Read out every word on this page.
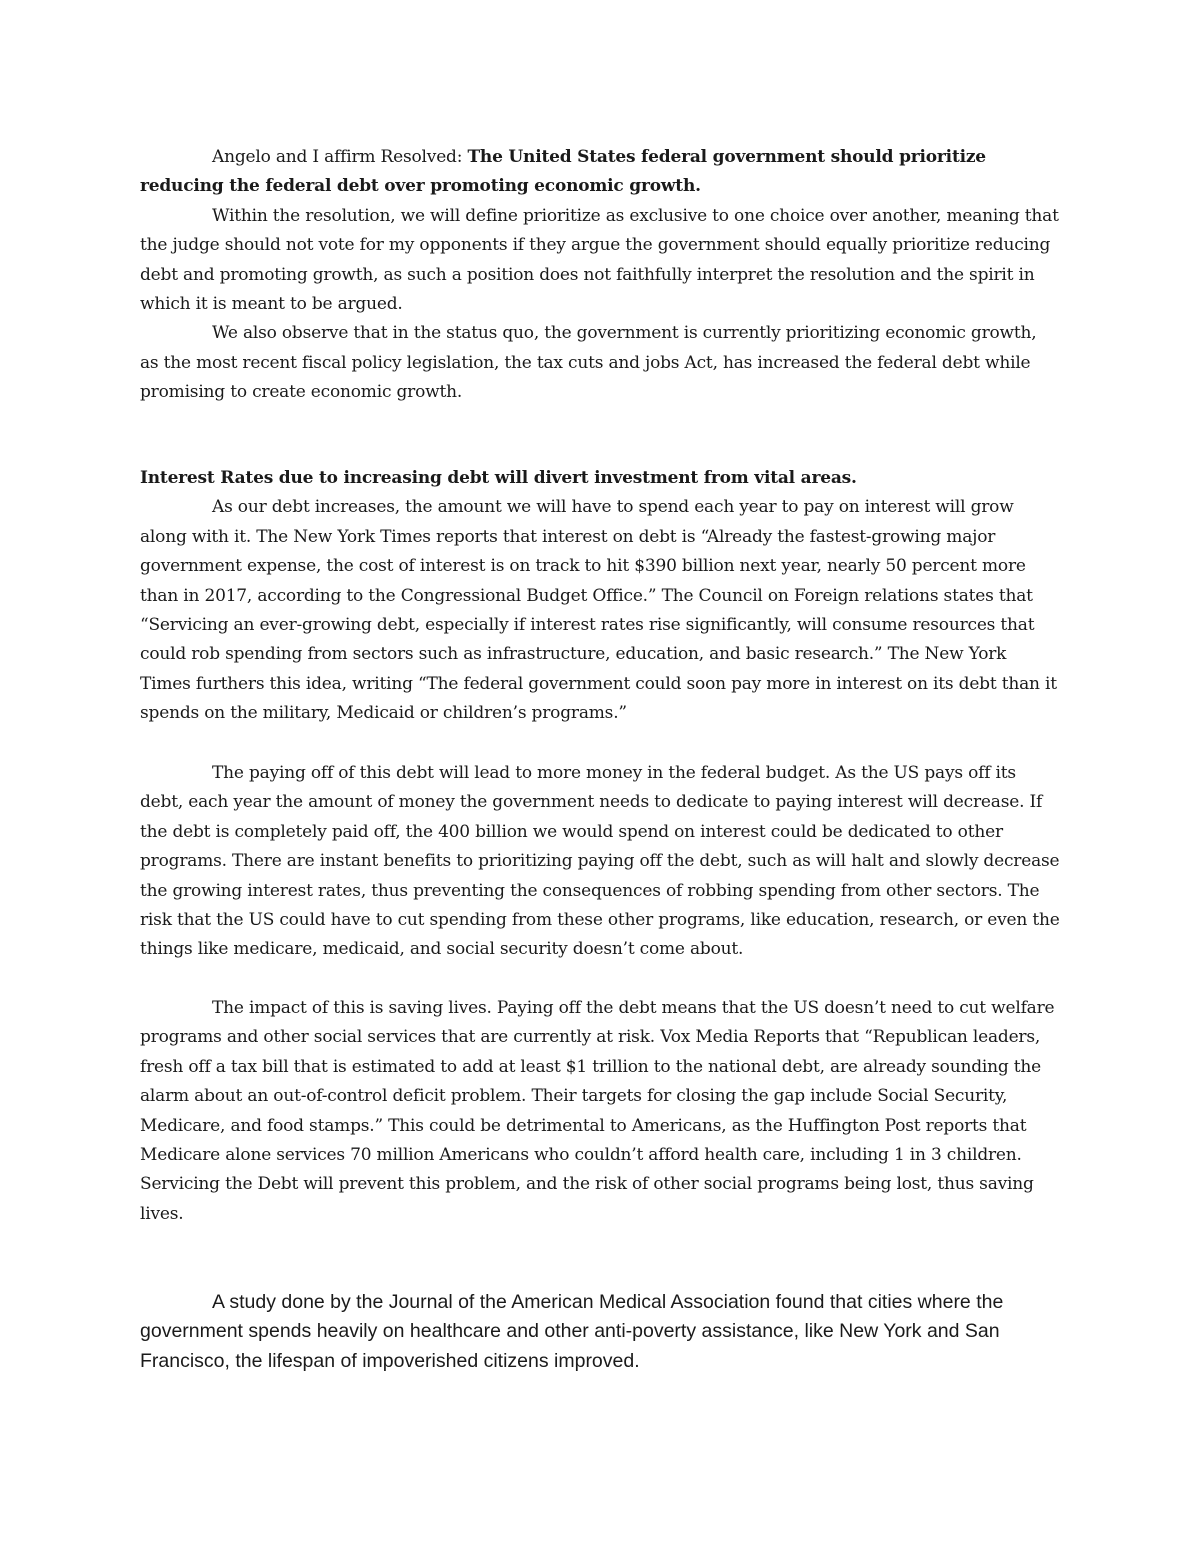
Angelo and I affirm Resolved: The United States federal government should prioritize reducing the federal debt over promoting economic growth.

Within the resolution, we will define prioritize as exclusive to one choice over another, meaning that the judge should not vote for my opponents if they argue the government should equally prioritize reducing debt and promoting growth, as such a position does not faithfully interpret the resolution and the spirit in which it is meant to be argued.

We also observe that in the status quo, the government is currently prioritizing economic growth, as the most recent fiscal policy legislation, the tax cuts and jobs Act, has increased the federal debt while promising to create economic growth.

Interest Rates due to increasing debt will divert investment from vital areas.

As our debt increases, the amount we will have to spend each year to pay on interest will grow along with it. The New York Times reports that interest on debt is “Already the fastest-growing major government expense, the cost of interest is on track to hit $390 billion next year, nearly 50 percent more than in 2017, according to the Congressional Budget Office.” The Council on Foreign relations states that “Servicing an ever-growing debt, especially if interest rates rise significantly, will consume resources that could rob spending from sectors such as infrastructure, education, and basic research.” The New York Times furthers this idea, writing “The federal government could soon pay more in interest on its debt than it spends on the military, Medicaid or children’s programs.”

The paying off of this debt will lead to more money in the federal budget. As the US pays off its debt, each year the amount of money the government needs to dedicate to paying interest will decrease. If the debt is completely paid off, the 400 billion we would spend on interest could be dedicated to other programs. There are instant benefits to prioritizing paying off the debt, such as will halt and slowly decrease the growing interest rates, thus preventing the consequences of robbing spending from other sectors. The risk that the US could have to cut spending from these other programs, like education, research, or even the things like medicare, medicaid, and social security doesn’t come about.

The impact of this is saving lives. Paying off the debt means that the US doesn’t need to cut welfare programs and other social services that are currently at risk. Vox Media Reports that “Republican leaders, fresh off a tax bill that is estimated to add at least $1 trillion to the national debt, are already sounding the alarm about an out-of-control deficit problem. Their targets for closing the gap include Social Security, Medicare, and food stamps.” This could be detrimental to Americans, as the Huffington Post reports that Medicare alone services 70 million Americans who couldn’t afford health care, including 1 in 3 children. Servicing the Debt will prevent this problem, and the risk of other social programs being lost, thus saving lives.

A study done by the Journal of the American Medical Association found that cities where the government spends heavily on healthcare and other anti-poverty assistance, like New York and San Francisco, the lifespan of impoverished citizens improved.
